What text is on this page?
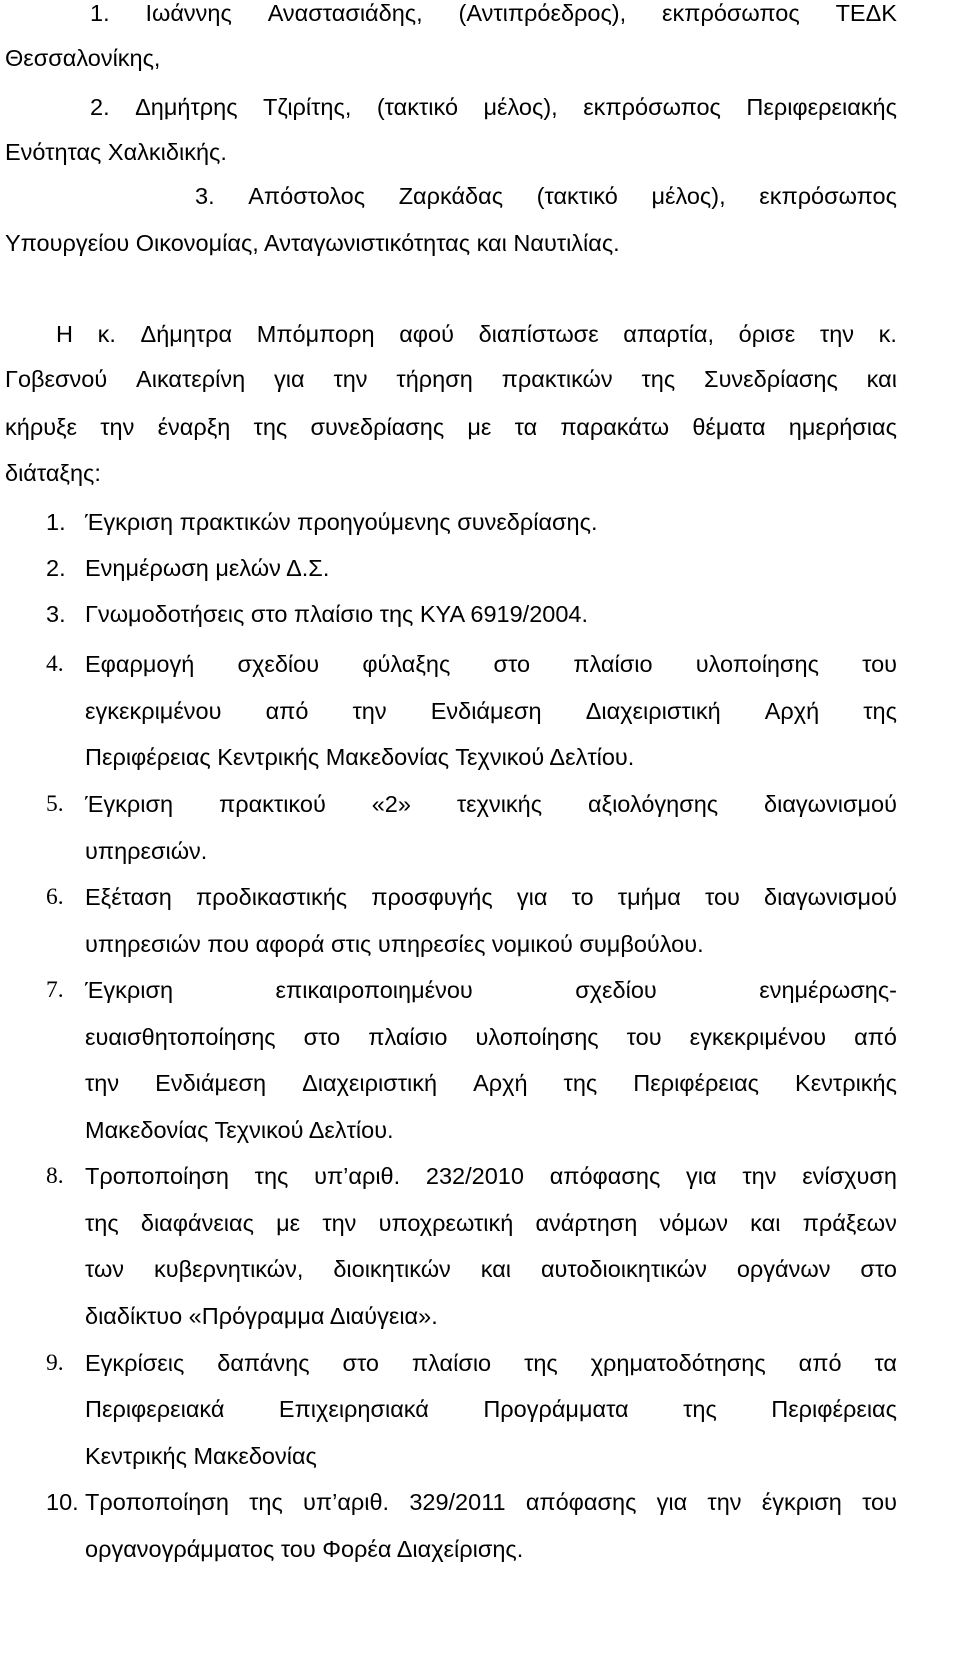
1. Ιωάννης Αναστασιάδης, (Αντιπρόεδρος), εκπρόσωπος ΤΕΔΚ
Θεσσαλονίκης,
2. Δημήτρης Τζιρίτης, (τακτικό μέλος), εκπρόσωπος Περιφερειακής
Ενότητας Χαλκιδικής.
3. Απόστολος Ζαρκάδας (τακτικό μέλος), εκπρόσωπος
Υπουργείου Οικονομίας, Ανταγωνιστικότητας και Ναυτιλίας.
Η κ. Δήμητρα Μπόμπορη αφού διαπίστωσε απαρτία, όρισε την κ.
Γοβεσνού Αικατερίνη για την τήρηση πρακτικών της Συνεδρίασης και
κήρυξε την έναρξη της συνεδρίασης με τα παρακάτω θέματα ημερήσιας
διάταξης:
1. Έγκριση πρακτικών προηγούμενης συνεδρίασης.
2. Ενημέρωση μελών Δ.Σ.
3. Γνωμοδοτήσεις στο πλαίσιο της ΚΥΑ 6919/2004.
4. Εφαρμογή σχεδίου φύλαξης στο πλαίσιο υλοποίησης του
εγκεκριμένου από την Ενδιάμεση Διαχειριστική Αρχή της
Περιφέρειας Κεντρικής Μακεδονίας Τεχνικού Δελτίου.
5. Έγκριση πρακτικού «2» τεχνικής αξιολόγησης διαγωνισμού
υπηρεσιών.
6. Εξέταση προδικαστικής προσφυγής για το τμήμα του διαγωνισμού
υπηρεσιών που αφορά στις υπηρεσίες νομικού συμβούλου.
7. Έγκριση	επικαιροποιημένου	σχεδίου	ενημέρωσης-
ευαισθητοποίησης στο πλαίσιο υλοποίησης του εγκεκριμένου από
την Ενδιάμεση Διαχειριστική Αρχή της Περιφέρειας Κεντρικής
Μακεδονίας Τεχνικού Δελτίου.
8. Τροποποίηση της υπ’αριθ. 232/2010 απόφασης για την ενίσχυση
της διαφάνειας με την υποχρεωτική ανάρτηση νόμων και πράξεων
των κυβερνητικών, διοικητικών και αυτοδιοικητικών οργάνων στο
διαδίκτυο «Πρόγραμμα Διαύγεια».
9. Εγκρίσεις δαπάνης στο πλαίσιο της χρηματοδότησης από τα
Περιφερειακά Επιχειρησιακά Προγράμματα της Περιφέρειας
Κεντρικής Μακεδονίας
10. Τροποποίηση της υπ’αριθ. 329/2011 απόφασης για την έγκριση του
οργανογράμματος του Φορέα Διαχείρισης.
